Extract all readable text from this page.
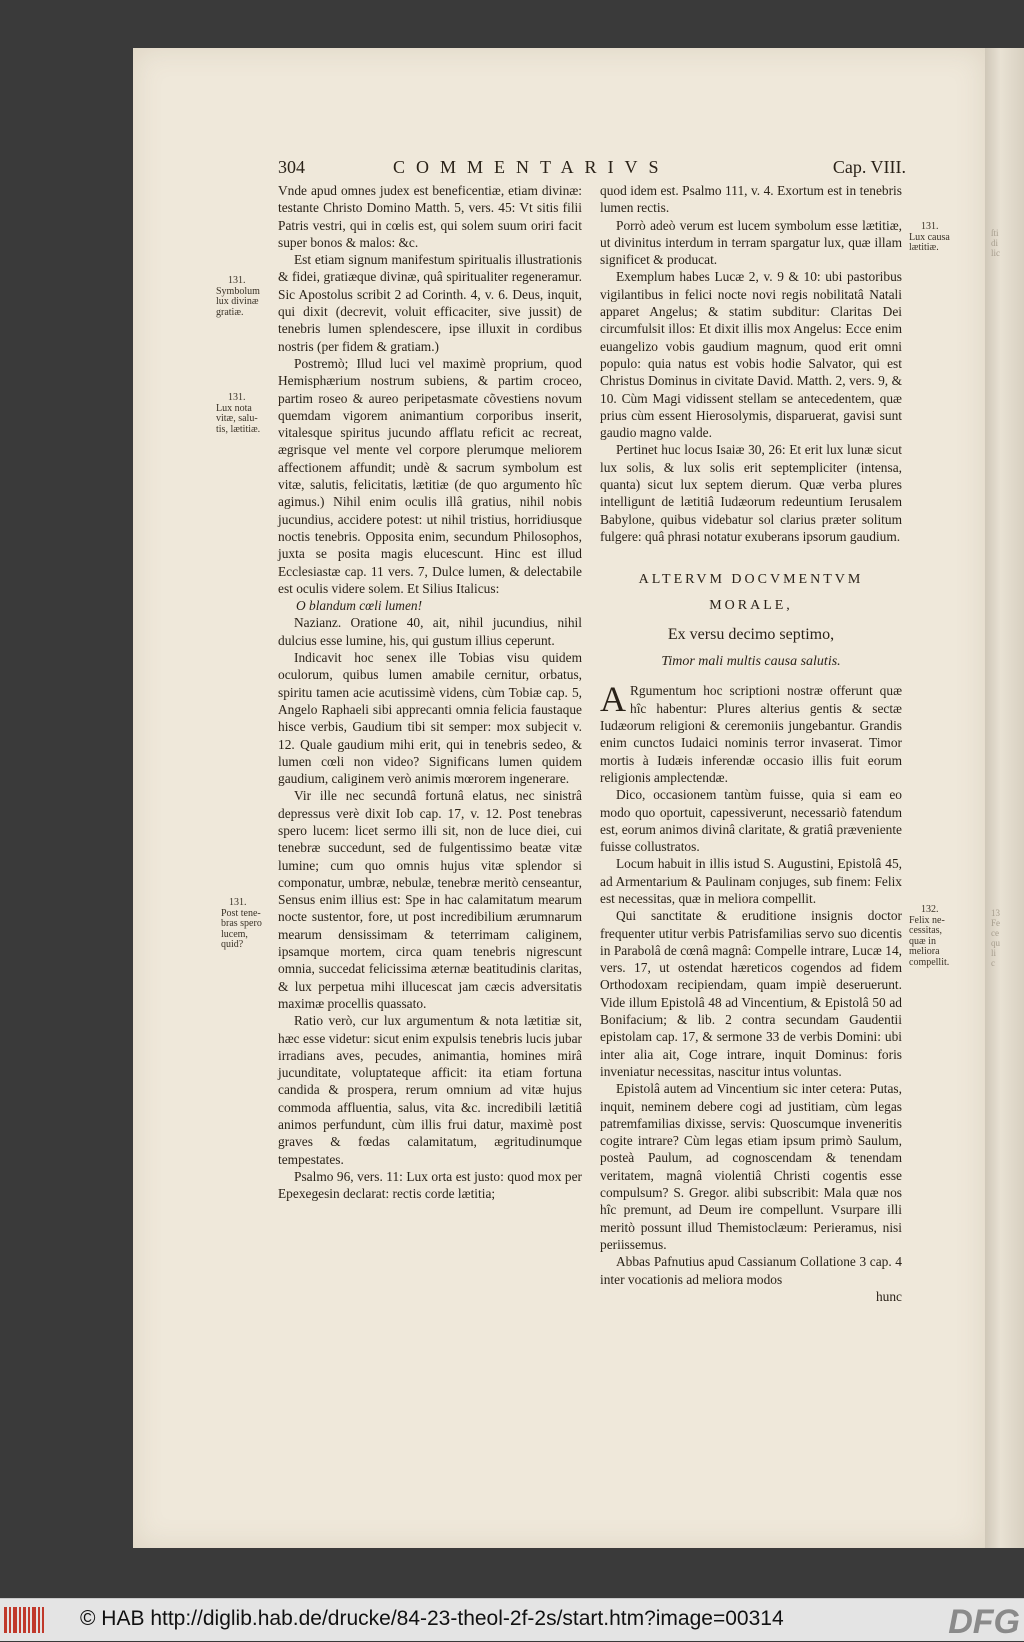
ſti
di
lic
13
Fe
ce
qu
li
c
304	COMMENTARIVS	Cap. VIII.
131.
Symbolum
lux divinæ
gratiæ.
131.
Lux nota
vitæ, salu-
tis, lætitiæ.
131.
Post tene-
bras spero
lucem,
quid?
131.
Lux causa
lætitiæ.
132.
Felix ne-
cessitas,
quæ in
meliora
compellit.

Vnde apud omnes judex est beneficentiæ, etiam divinæ: testante Christo Domino Matth. 5, vers. 45: Vt sitis filii Patris vestri, qui in cœlis est, qui solem suum oriri facit super bonos & malos: &c.

Est etiam signum manifestum spiritualis illustrationis & fidei, gratiæque divinæ, quâ spiritualiter regeneramur. Sic Apostolus scribit 2 ad Corinth. 4, v. 6. Deus, inquit, qui dixit (decrevit, voluit efficaciter, sive jussit) de tenebris lumen splendescere, ipse illuxit in cordibus nostris (per fidem & gratiam.)

Postremò; Illud luci vel maximè proprium, quod Hemisphærium nostrum subiens, & partim croceo, partim roseo & aureo peripetasmate cõvestiens novum quemdam vigorem animantium corporibus inserit, vitalesque spiritus jucundo afflatu reficit ac recreat, ægrisque vel mente vel corpore plerumque meliorem affectionem affundit; undè & sacrum symbolum est vitæ, salutis, felicitatis, lætitiæ (de quo argumento hîc agimus.) Nihil enim oculis illâ gratius, nihil nobis jucundius, accidere potest: ut nihil tristius, horridiusque noctis tenebris. Opposita enim, secundum Philosophos, juxta se posita magis elucescunt. Hinc est illud Ecclesiastæ cap. 11 vers. 7, Dulce lumen, & delectabile est oculis videre solem. Et Silius Italicus:

O blandum cœli lumen!

Nazianz. Oratione 40, ait, nihil jucundius, nihil dulcius esse lumine, his, qui gustum illius ceperunt.

Indicavit hoc senex ille Tobias visu quidem oculorum, quibus lumen amabile cernitur, orbatus, spiritu tamen acie acutissimè videns, cùm Tobiæ cap. 5, Angelo Raphaeli sibi apprecanti omnia felicia faustaque hisce verbis, Gaudium tibi sit semper: mox subjecit v. 12. Quale gaudium mihi erit, qui in tenebris sedeo, & lumen cœli non video? Significans lumen quidem gaudium, caliginem verò animis mœrorem ingenerare.

Vir ille nec secundâ fortunâ elatus, nec sinistrâ depressus verè dixit Iob cap. 17, v. 12. Post tenebras spero lucem: licet sermo illi sit, non de luce diei, cui tenebræ succedunt, sed de fulgentissimo beatæ vitæ lumine; cum quo omnis hujus vitæ splendor si componatur, umbræ, nebulæ, tenebræ meritò censeantur, Sensus enim illius est: Spe in hac calamitatum mearum nocte sustentor, fore, ut post incredibilium ærumnarum mearum densissimam & teterrimam caliginem, ipsamque mortem, circa quam tenebris nigrescunt omnia, succedat felicissima æternæ beatitudinis claritas, & lux perpetua mihi illucescat jam cæcis adversitatis maximæ procellis quassato.

Ratio verò, cur lux argumentum & nota lætitiæ sit, hæc esse videtur: sicut enim expulsis tenebris lucis jubar irradians aves, pecudes, animantia, homines mirâ jucunditate, voluptateque afficit: ita etiam fortuna candida & prospera, rerum omnium ad vitæ hujus commoda affluentia, salus, vita &c. incredibili lætitiâ animos perfundunt, cùm illis frui datur, maximè post graves & fœdas calamitatum, ægritudinumque tempestates.

Psalmo 96, vers. 11: Lux orta est justo: quod mox per Epexegesin declarat: rectis corde lætitia;

quod idem est. Psalmo 111, v. 4. Exortum est in tenebris lumen rectis.

Porrò adeò verum est lucem symbolum esse lætitiæ, ut divinitus interdum in terram spargatur lux, quæ illam significet & producat.

Exemplum habes Lucæ 2, v. 9 & 10: ubi pastoribus vigilantibus in felici nocte novi regis nobilitatâ Natali apparet Angelus; & statim subditur: Claritas Dei circumfulsit illos: Et dixit illis mox Angelus: Ecce enim euangelizo vobis gaudium magnum, quod erit omni populo: quia natus est vobis hodie Salvator, qui est Christus Dominus in civitate David. Matth. 2, vers. 9, & 10. Cùm Magi vidissent stellam se antecedentem, quæ prius cùm essent Hierosolymis, disparuerat, gavisi sunt gaudio magno valde.

Pertinet huc locus Isaiæ 30, 26: Et erit lux lunæ sicut lux solis, & lux solis erit septempliciter (intensa, quanta) sicut lux septem dierum. Quæ verba plures intelligunt de lætitiâ Iudæorum redeuntium Ierusalem Babylone, quibus videbatur sol clarius præter solitum fulgere: quâ phrasi notatur exuberans ipsorum gaudium.

ALTERVM DOCVMENTVM
MORALE,
Ex versu decimo septimo,
Timor mali multis causa salutis.

A Rgumentum hoc scriptioni nostræ offerunt quæ hîc habentur: Plures alterius gentis & sectæ Iudæorum religioni & ceremoniis jungebantur. Grandis enim cunctos Iudaici nominis terror invaserat. Timor mortis à Iudæis inferendæ occasio illis fuit eorum religionis amplectendæ.

Dico, occasionem tantùm fuisse, quia si eam eo modo quo oportuit, capessiverunt, necessariò fatendum est, eorum animos divinâ claritate, & gratiâ præveniente fuisse collustratos.

Locum habuit in illis istud S. Augustini, Epistolâ 45, ad Armentarium & Paulinam conjuges, sub finem: Felix est necessitas, quæ in meliora compellit.

Qui sanctitate & eruditione insignis doctor frequenter utitur verbis Patrisfamilias servo suo dicentis in Parabolâ de cœnâ magnâ: Compelle intrare, Lucæ 14, vers. 17, ut ostendat hæreticos cogendos ad fidem Orthodoxam recipiendam, quam impiè deseruerunt. Vide illum Epistolâ 48 ad Vincentium, & Epistolâ 50 ad Bonifacium; & lib. 2 contra secundam Gaudentii epistolam cap. 17, & sermone 33 de verbis Domini: ubi inter alia ait, Coge intrare, inquit Dominus: foris inveniatur necessitas, nascitur intus voluntas.

Epistolâ autem ad Vincentium sic inter cetera: Putas, inquit, neminem debere cogi ad justitiam, cùm legas patremfamilias dixisse, servis: Quoscumque inveneritis cogite intrare? Cùm legas etiam ipsum primò Saulum, posteà Paulum, ad cognoscendam & tenendam veritatem, magnâ violentiâ Christi cogentis esse compulsum? S. Gregor. alibi subscribit: Mala quæ nos hîc premunt, ad Deum ire compellunt. Vsurpare illi meritò possunt illud Themistoclæum: Perieramus, nisi periissemus.

Abbas Pafnutius apud Cassianum Collatione 3 cap. 4 inter vocationis ad meliora modos

hunc

© HAB http://diglib.hab.de/drucke/84-23-theol-2f-2s/start.htm?image=00314	DFG
